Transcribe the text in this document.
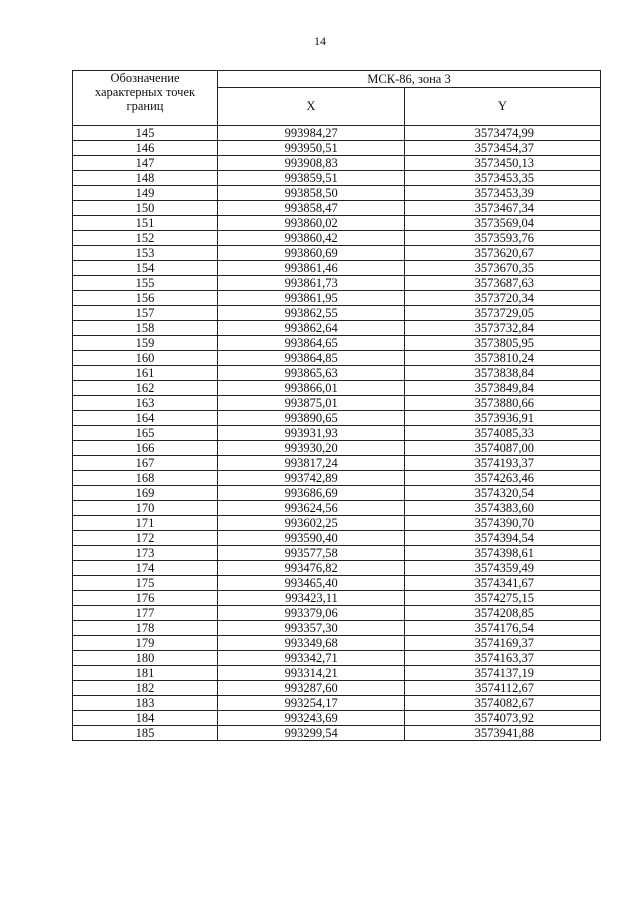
14
Обозначение характерных точек границ	МСК-86, зона 3	
	X	Y
145	993984,27	3573474,99
146	993950,51	3573454,37
147	993908,83	3573450,13
148	993859,51	3573453,35
149	993858,50	3573453,39
150	993858,47	3573467,34
151	993860,02	3573569,04
152	993860,42	3573593,76
153	993860,69	3573620,67
154	993861,46	3573670,35
155	993861,73	3573687,63
156	993861,95	3573720,34
157	993862,55	3573729,05
158	993862,64	3573732,84
159	993864,65	3573805,95
160	993864,85	3573810,24
161	993865,63	3573838,84
162	993866,01	3573849,84
163	993875,01	3573880,66
164	993890,65	3573936,91
165	993931,93	3574085,33
166	993930,20	3574087,00
167	993817,24	3574193,37
168	993742,89	3574263,46
169	993686,69	3574320,54
170	993624,56	3574383,60
171	993602,25	3574390,70
172	993590,40	3574394,54
173	993577,58	3574398,61
174	993476,82	3574359,49
175	993465,40	3574341,67
176	993423,11	3574275,15
177	993379,06	3574208,85
178	993357,30	3574176,54
179	993349,68	3574169,37
180	993342,71	3574163,37
181	993314,21	3574137,19
182	993287,60	3574112,67
183	993254,17	3574082,67
184	993243,69	3574073,92
185	993299,54	3573941,88
